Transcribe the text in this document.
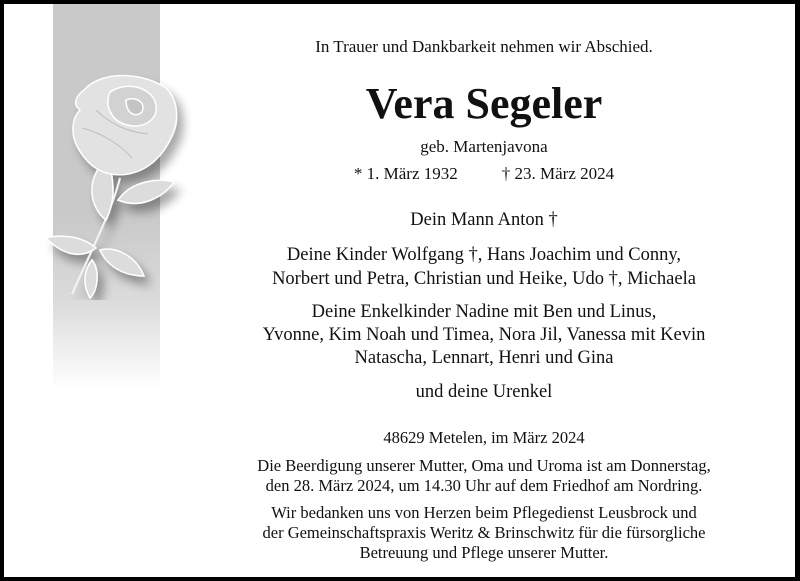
In Trauer und Dankbarkeit nehmen wir Abschied.
Vera Segeler
geb. Martenjavona
* 1. März 1932	† 23. März 2024
Dein Mann Anton †
Deine Kinder Wolfgang †, Hans Joachim und Conny,
Norbert und Petra, Christian und Heike, Udo †, Michaela
Deine Enkelkinder Nadine mit Ben und Linus,
Yvonne, Kim Noah und Timea, Nora Jil, Vanessa mit Kevin
Natascha, Lennart, Henri und Gina
und deine Urenkel
48629 Metelen, im März 2024
Die Beerdigung unserer Mutter, Oma und Uroma ist am Donnerstag,
den 28. März 2024, um 14.30 Uhr auf dem Friedhof am Nordring.
Wir bedanken uns von Herzen beim Pflegedienst Leusbrock und
der Gemeinschaftspraxis Weritz & Brinschwitz für die fürsorgliche
Betreuung und Pflege unserer Mutter.
